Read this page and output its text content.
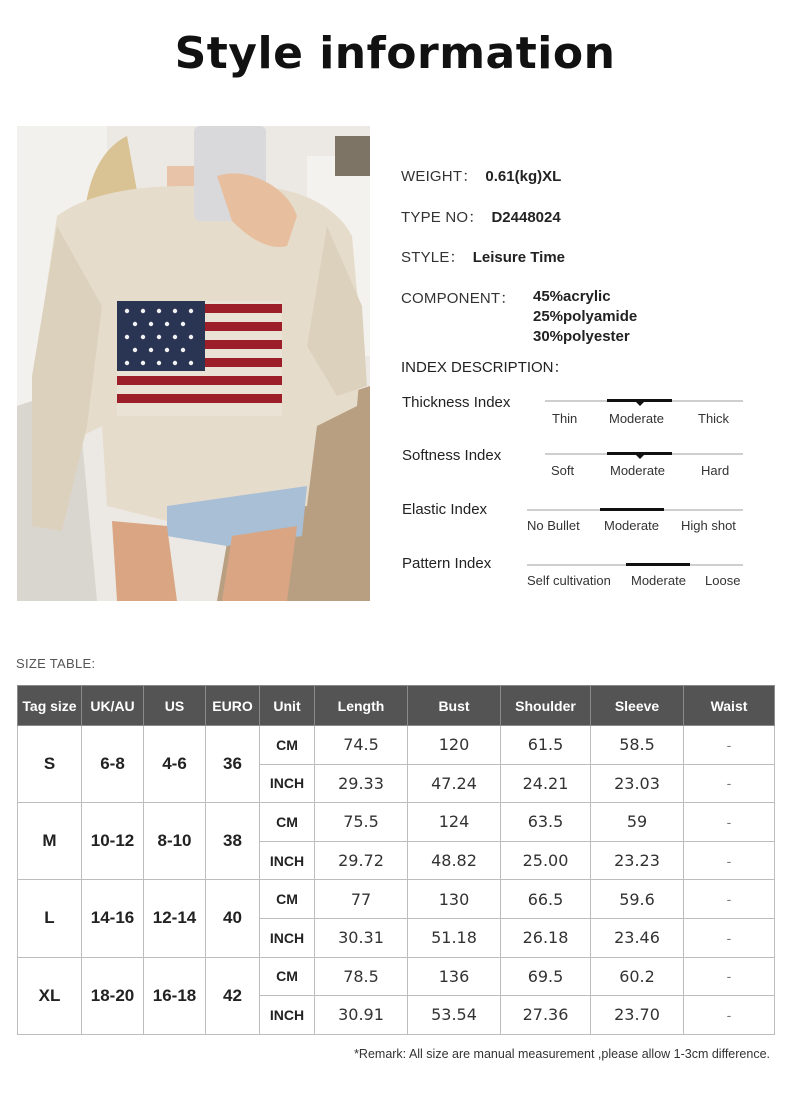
Style information
WEIGHT： 0.61(kg)XL
TYPE NO： D2448024
STYLE： Leisure Time
COMPONENT： 45%acrylic
25%polyamide
30%polyester
INDEX DESCRIPTION：
Thickness Index
Thin Moderate	Thick
Softness Index
Soft	Moderate	Hard
Elastic Index
No Bullet Moderate High shot
Pattern Index
Self cultivation Moderate Loose
SIZE TABLE:
Tag size	UK/AU	US	EURO	Unit	Length	Bust	Shoulder	Sleeve	Waist
S	6-8	4-6	36	CM	74.5	120	61.5	58.5	-
				INCH	29.33	47.24	24.21	23.03	-
M	10-12	8-10	38	CM	75.5	124	63.5	59	-
				INCH	29.72	48.82	25.00	23.23	-
L	14-16	12-14	40	CM	77	130	66.5	59.6	-
				INCH	30.31	51.18	26.18	23.46	-
XL	18-20	16-18	42	CM	78.5	136	69.5	60.2	-
				INCH	30.91	53.54	27.36	23.70	-
*Remark: All size are manual measurement ,please allow 1-3cm difference.
